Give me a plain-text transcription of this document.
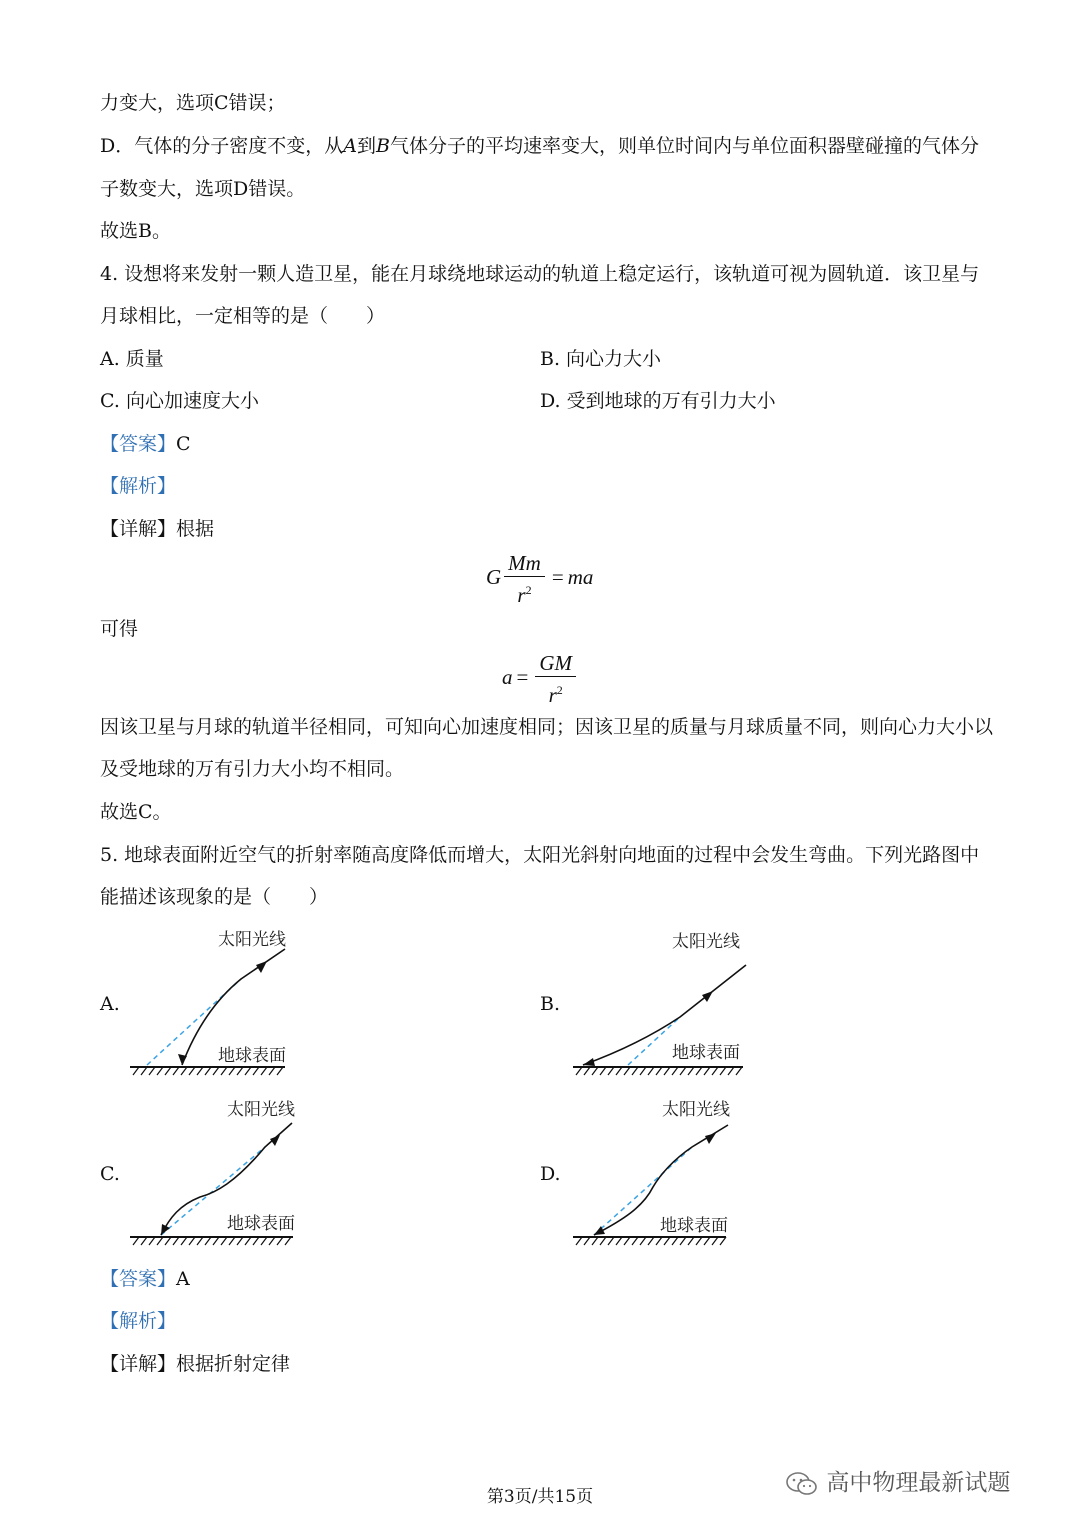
力变大，选项C错误；
D．气体的分子密度不变，从A到B气体分子的平均速率变大，则单位时间内与单位面积器壁碰撞的气体分
子数变大，选项D错误。
故选B。
4. 设想将来发射一颗人造卫星，能在月球绕地球运动的轨道上稳定运行，该轨道可视为圆轨道．该卫星与
月球相比，一定相等的是（　　）
A. 质量	B. 向心力大小
C. 向心加速度大小	D. 受到地球的万有引力大小
【答案】C
【解析】
【详解】根据
G $\frac{Mm}{r^2}$ = ma
可得
$a = \frac{GM}{r^2}$
因该卫星与月球的轨道半径相同，可知向心加速度相同；因该卫星的质量与月球质量不同，则向心力大小以
及受地球的万有引力大小均不相同。
故选C。
5. 地球表面附近空气的折射率随高度降低而增大，太阳光斜射向地面的过程中会发生弯曲。下列光路图中
能描述该现象的是（　　）
A.
太阳光线
地球表面
B.
太阳光线
地球表面
C.
太阳光线
地球表面
D.
太阳光线
地球表面
【答案】A
【解析】
【详解】根据折射定律
第3页/共15页
高中物理最新试题
